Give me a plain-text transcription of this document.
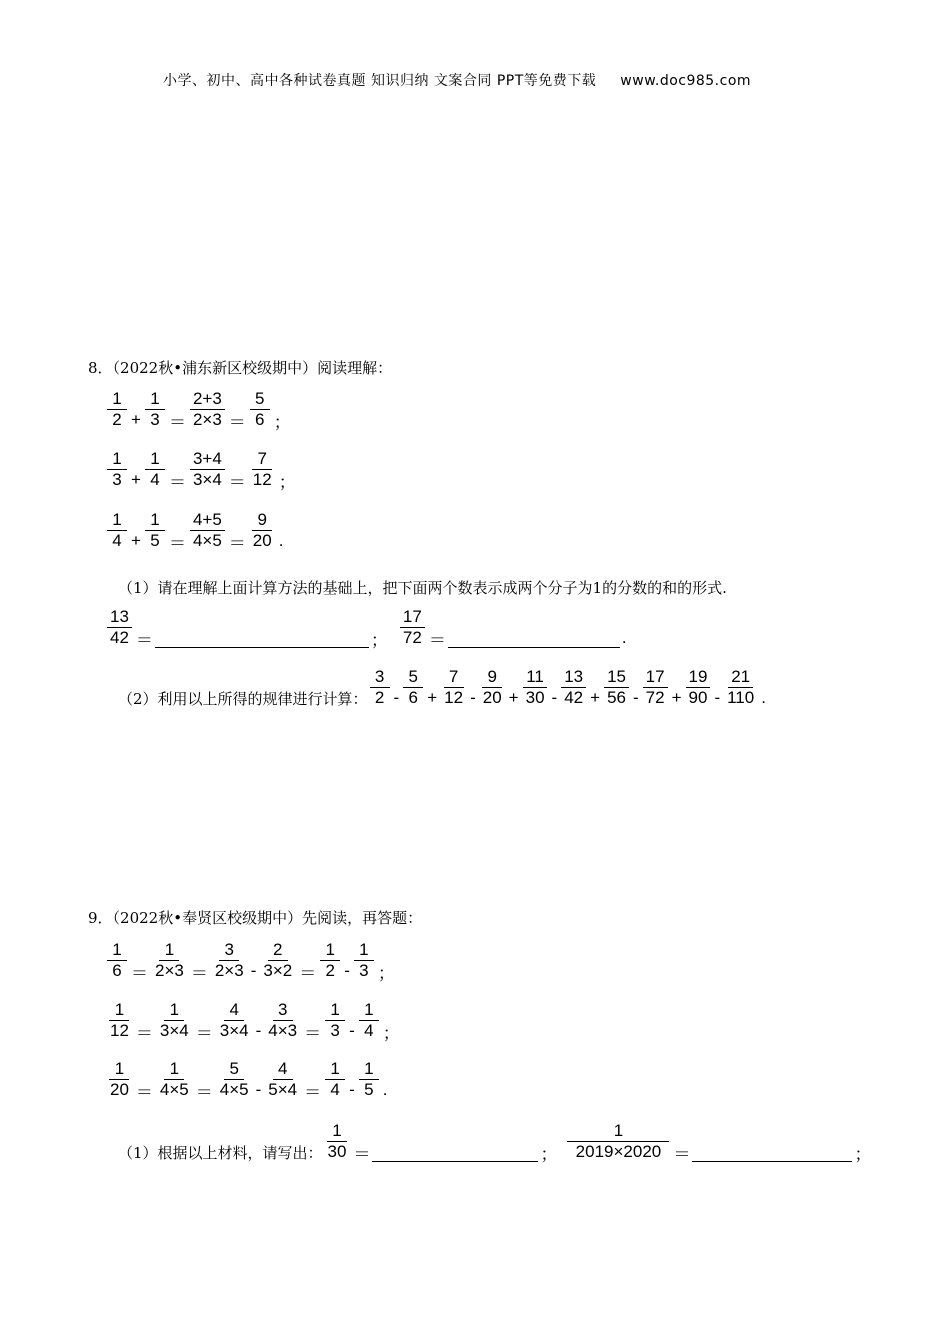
小学、初中、高中各种试卷真题 知识归纳 文案合同 PPT等免费下载 www.doc985.com
8．（2022秋•浦东新区校级期中）阅读理解：
$\frac{1}{2} + \frac{1}{3} = \frac{2+3}{2\times 3} = \frac{5}{6}$ ；
$\frac{1}{3} + \frac{1}{4} = \frac{3+4}{3\times 4} = \frac{7}{12}$ ；
$\frac{1}{4} + \frac{1}{5} = \frac{4+5}{4\times 5} = \frac{9}{20}$ .
（1）请在理解上面计算方法的基础上，把下面两个数表示成两个分子为1的分数的和的形式.
$\frac{13}{42}$ ＝	； $\frac{17}{72}$ ＝	.
（2）利用以上所得的规律进行计算： $\frac{3}{2} - \frac{5}{6} + \frac{7}{12} - \frac{9}{20} + \frac{11}{30} - \frac{13}{42} + \frac{15}{56} - \frac{17}{72} + \frac{19}{90} - \frac{21}{110}$ .
9．（2022秋•奉贤区校级期中）先阅读，再答题：
$\frac{1}{6} = \frac{1}{2\times 3} = \frac{3}{2\times 3} - \frac{2}{3\times 2} = \frac{1}{2} - \frac{1}{3}$ ；
$\frac{1}{12} = \frac{1}{3\times 4} = \frac{4}{3\times 4} - \frac{3}{4\times 3} = \frac{1}{3} - \frac{1}{4}$ ；
$\frac{1}{20} = \frac{1}{4\times 5} = \frac{5}{4\times 5} - \frac{4}{5\times 4} = \frac{1}{4} - \frac{1}{5}$ .
（1）根据以上材料，请写出： $\frac{1}{30}$ ＝	； $\frac{1}{2019\times 2020}$ ＝	；
